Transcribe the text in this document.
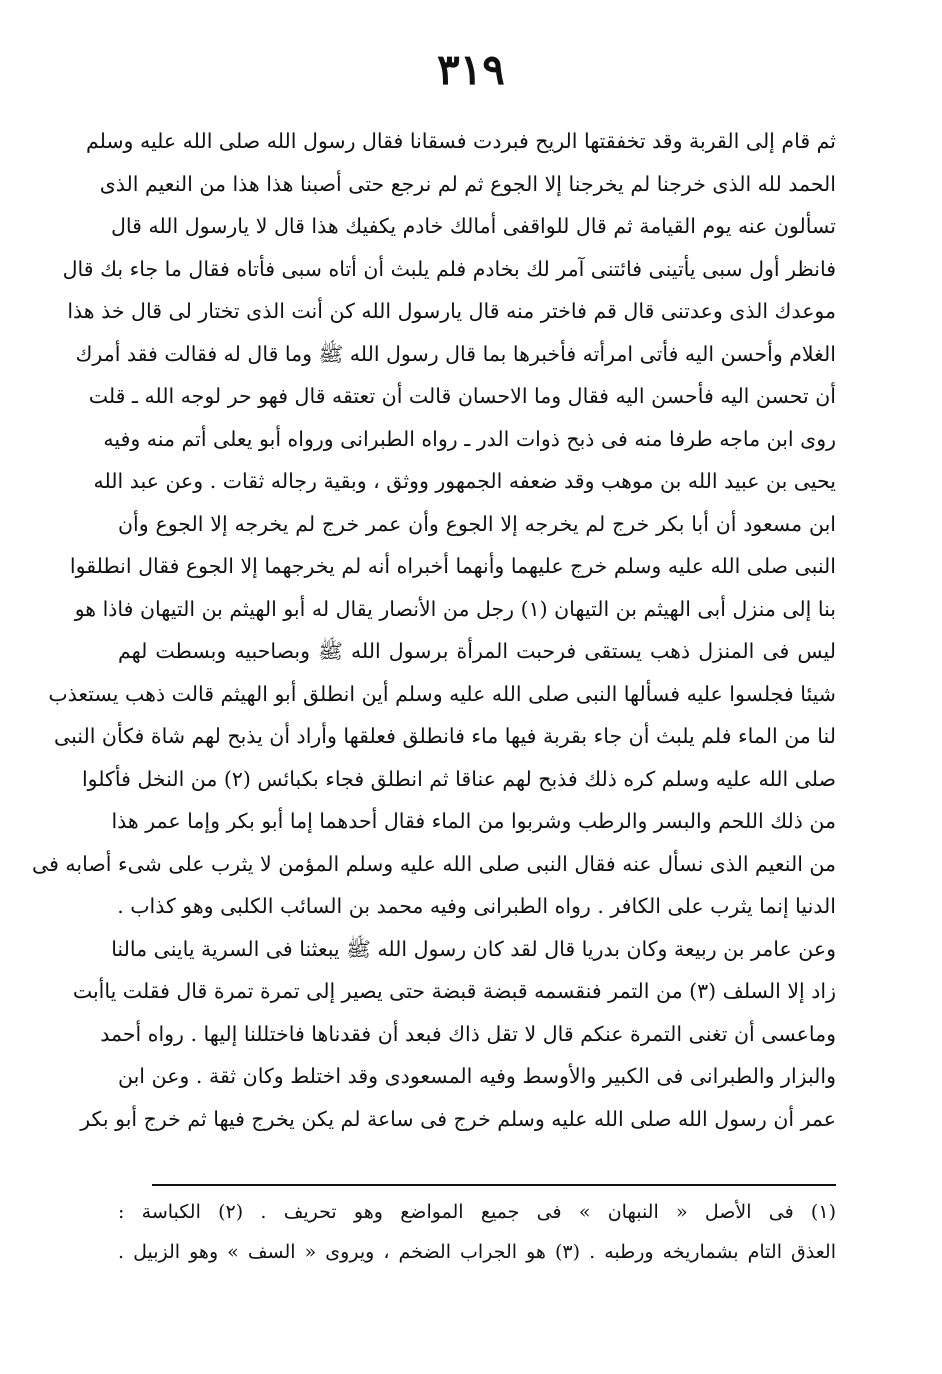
٣١٩
ثم قام إلى القربة وقد تخفقتها الريح فبردت فسقانا فقال رسول الله صلى الله عليه وسلم
الحمد لله الذى خرجنا لم يخرجنا إلا الجوع ثم لم نرجع حتى أصبنا هذا هذا من النعيم الذى
تسألون عنه يوم القيامة ثم قال للواقفى أمالك خادم يكفيك هذا قال لا يارسول الله قال
فانظر أول سبى يأتينى فائتنى آمر لك بخادم فلم يلبث أن أتاه سبى فأتاه فقال ما جاء بك قال
موعدك الذى وعدتنى قال قم فاختر منه قال يارسول الله كن أنت الذى تختار لى قال خذ هذا
الغلام وأحسن اليه فأتى امرأته فأخبرها بما قال رسول الله ﷺ وما قال له فقالت فقد أمرك
أن تحسن اليه فأحسن اليه فقال وما الاحسان قالت أن تعتقه قال فهو حر لوجه الله ـ قلت
روى ابن ماجه طرفا منه فى ذبح ذوات الدر ـ رواه الطبرانى ورواه أبو يعلى أتم منه وفيه
يحيى بن عبيد الله بن موهب وقد ضعفه الجمهور ووثق ، وبقية رجاله ثقات . وعن عبد الله
ابن مسعود أن أبا بكر خرج لم يخرجه إلا الجوع وأن عمر خرج لم يخرجه إلا الجوع وأن
النبى صلى الله عليه وسلم خرج عليهما وأنهما أخبراه أنه لم يخرجهما إلا الجوع فقال انطلقوا
بنا إلى منزل أبى الهيثم بن التيهان (١) رجل من الأنصار يقال له أبو الهيثم بن التيهان فاذا هو
ليس فى المنزل ذهب يستقى فرحبت المرأة برسول الله ﷺ وبصاحبيه وبسطت لهم
شيئا فجلسوا عليه فسألها النبى صلى الله عليه وسلم أين انطلق أبو الهيثم قالت ذهب يستعذب
لنا من الماء فلم يلبث أن جاء بقربة فيها ماء فانطلق فعلقها وأراد أن يذبح لهم شاة فكأن النبى
صلى الله عليه وسلم كره ذلك فذبح لهم عناقا ثم انطلق فجاء بكبائس (٢) من النخل فأكلوا
من ذلك اللحم والبسر والرطب وشربوا من الماء فقال أحدهما إما أبو بكر وإما عمر هذا
من النعيم الذى نسأل عنه فقال النبى صلى الله عليه وسلم المؤمن لا يثرب على شىء أصابه فى
الدنيا إنما يثرب على الكافر . رواه الطبرانى وفيه محمد بن السائب الكلبى وهو كذاب .
وعن عامر بن ربيعة وكان بدريا قال لقد كان رسول الله ﷺ يبعثنا فى السرية ياينى مالنا
زاد إلا السلف (٣) من التمر فنقسمه قبضة قبضة حتى يصير إلى تمرة تمرة قال فقلت ياأبت
وماعسى أن تغنى التمرة عنكم قال لا تقل ذاك فبعد أن فقدناها فاختللنا إليها . رواه أحمد
والبزار والطبرانى فى الكبير والأوسط وفيه المسعودى وقد اختلط وكان ثقة . وعن ابن
عمر أن رسول الله صلى الله عليه وسلم خرج فى ساعة لم يكن يخرج فيها ثم خرج أبو بكر
(١) فى الأصل « النبهان » فى جميع المواضع وهو تحريف . (٢) الكباسة :
العذق التام بشماريخه ورطبه . (٣) هو الجراب الضخم ، ويروى « السف » وهو الزبيل .
